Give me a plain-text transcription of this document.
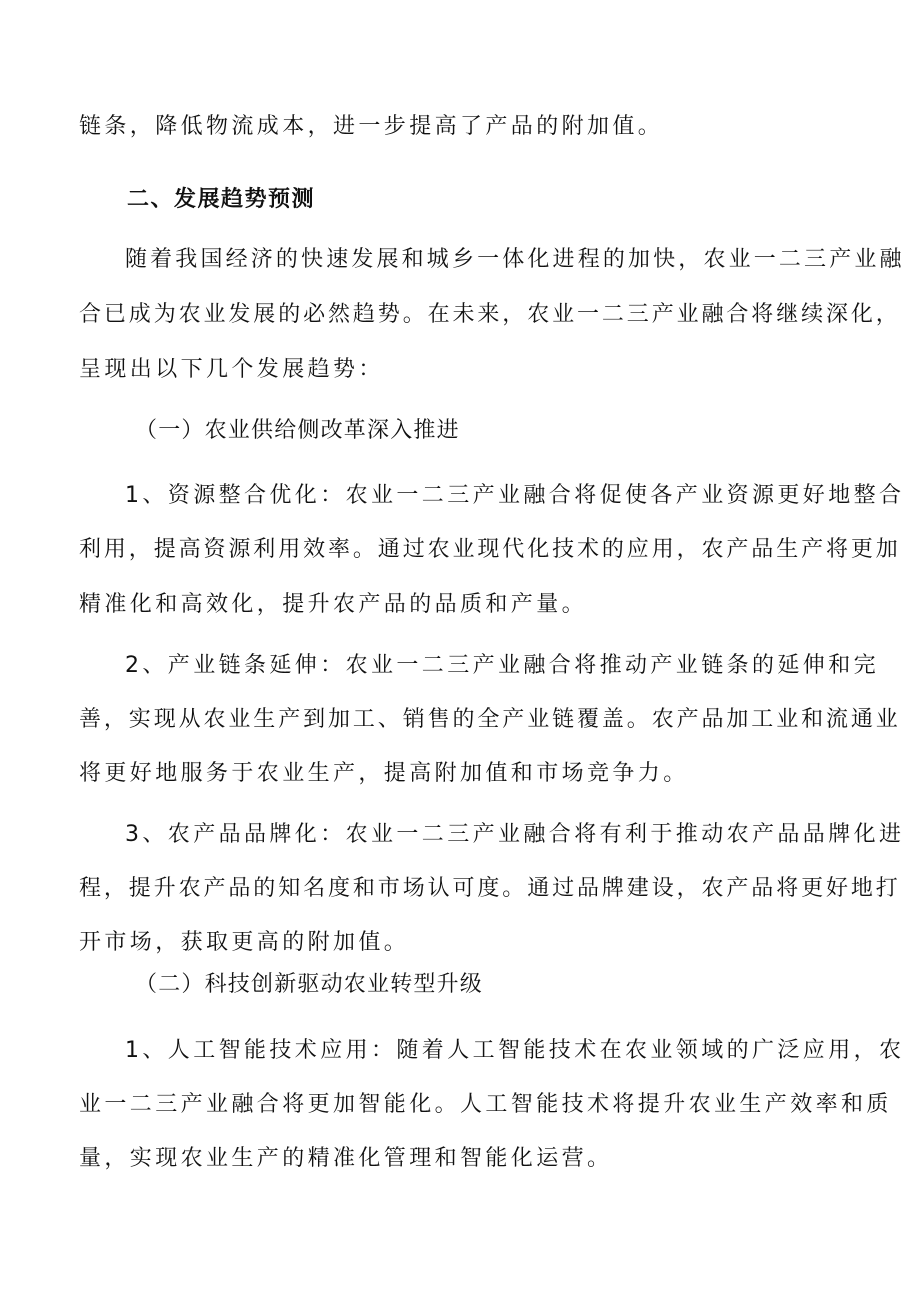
链条，降低物流成本，进一步提高了产品的附加值。
二、发展趋势预测
随着我国经济的快速发展和城乡一体化进程的加快，农业一二三产业融
合已成为农业发展的必然趋势。在未来，农业一二三产业融合将继续深化，
呈现出以下几个发展趋势：
（一）农业供给侧改革深入推进
1、资源整合优化：农业一二三产业融合将促使各产业资源更好地整合
利用，提高资源利用效率。通过农业现代化技术的应用，农产品生产将更加
精准化和高效化，提升农产品的品质和产量。
2、产业链条延伸：农业一二三产业融合将推动产业链条的延伸和完
善，实现从农业生产到加工、销售的全产业链覆盖。农产品加工业和流通业
将更好地服务于农业生产，提高附加值和市场竞争力。
3、农产品品牌化：农业一二三产业融合将有利于推动农产品品牌化进
程，提升农产品的知名度和市场认可度。通过品牌建设，农产品将更好地打
开市场，获取更高的附加值。
（二）科技创新驱动农业转型升级
1、人工智能技术应用：随着人工智能技术在农业领域的广泛应用，农
业一二三产业融合将更加智能化。人工智能技术将提升农业生产效率和质
量，实现农业生产的精准化管理和智能化运营。
